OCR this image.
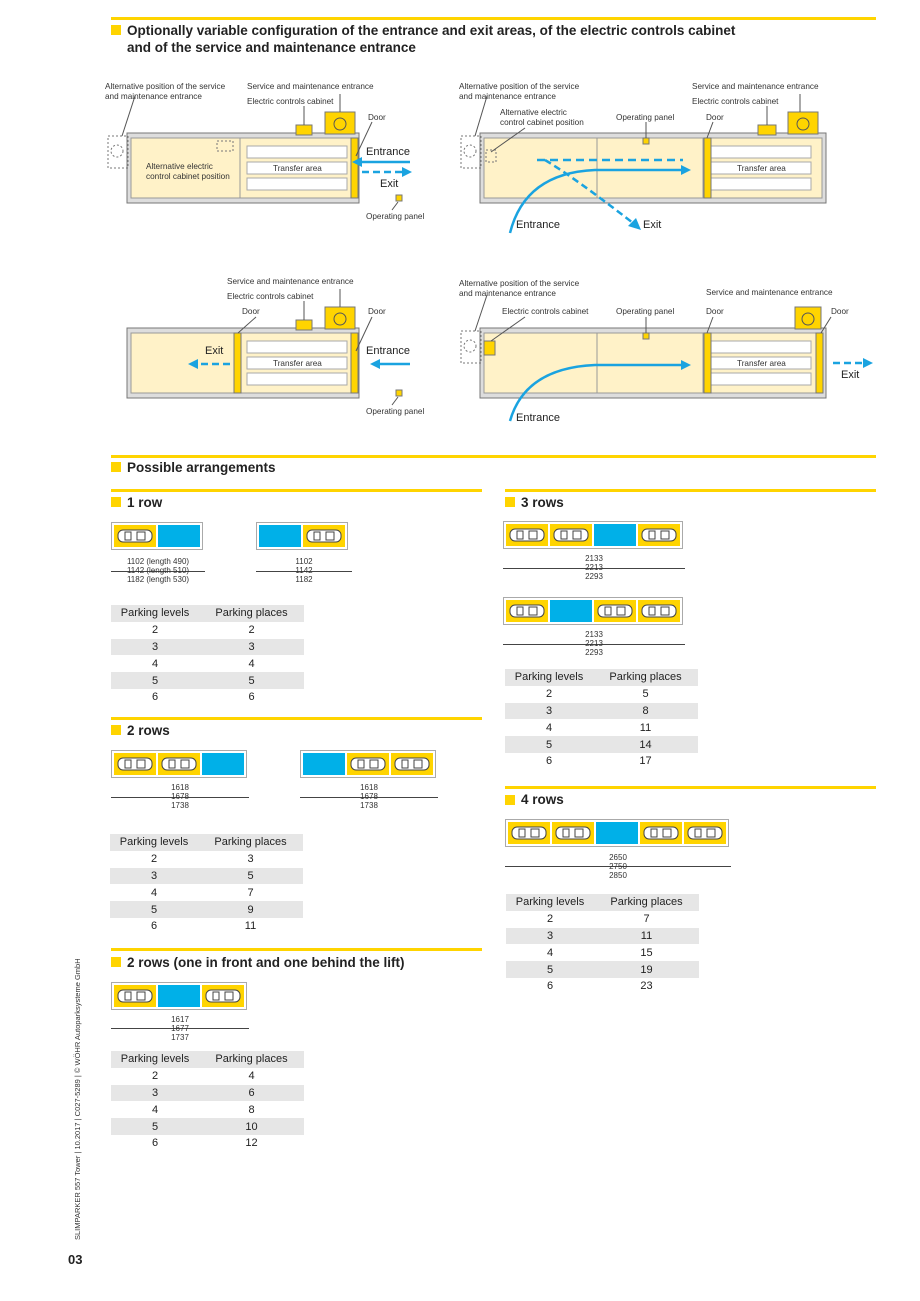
Optionally variable configuration of the entrance and exit areas, of the electric controls cabinet
and of the service and maintenance entrance
Alternative position of the service
and maintenance entrance
Service and maintenance entrance
Electric controls cabinet
Door
Alternative electric
control cabinet position
Transfer area
Entrance
Exit
Operating panel
Alternative position of the service
and maintenance entrance
Service and maintenance entrance
Electric controls cabinet
Alternative electric
control cabinet position	Operating panel	Door
Transfer area
Entrance	Exit
Service and maintenance entrance
Electric controls cabinet
Door	Door
Exit
Transfer area
Entrance
Operating panel
Alternative position of the service
and maintenance entrance	Service and maintenance entrance
Electric controls cabinet	Operating panel	Door	Door
Transfer area
Exit
Entrance
Possible arrangements
1 row
1102 (length 490)
1142 (length 510)
1182 (length 530)
1102
1142
1182
Parking levels	Parking places
2	2
3	3
4	4
5	5
6	6
2 rows
1618
1678
1738
1618
1678
1738
Parking levels	Parking places
2	3
3	5
4	7
5	9
6	11
2 rows (one in front and one behind the lift)
1617
1677
1737
Parking levels	Parking places
2	4
3	6
4	8
5	10
6	12
3 rows
2133
2213
2293
2133
2213
2293
Parking levels	Parking places
2	5
3	8
4	11
5	14
6	17
4 rows
2650
2750
2850
Parking levels	Parking places
2	7
3	11
4	15
5	19
6	23
SLIMPARKER 557 Tower | 10.2017 | C027-5289 | © WÖHR Autoparksysteme GmbH
03
